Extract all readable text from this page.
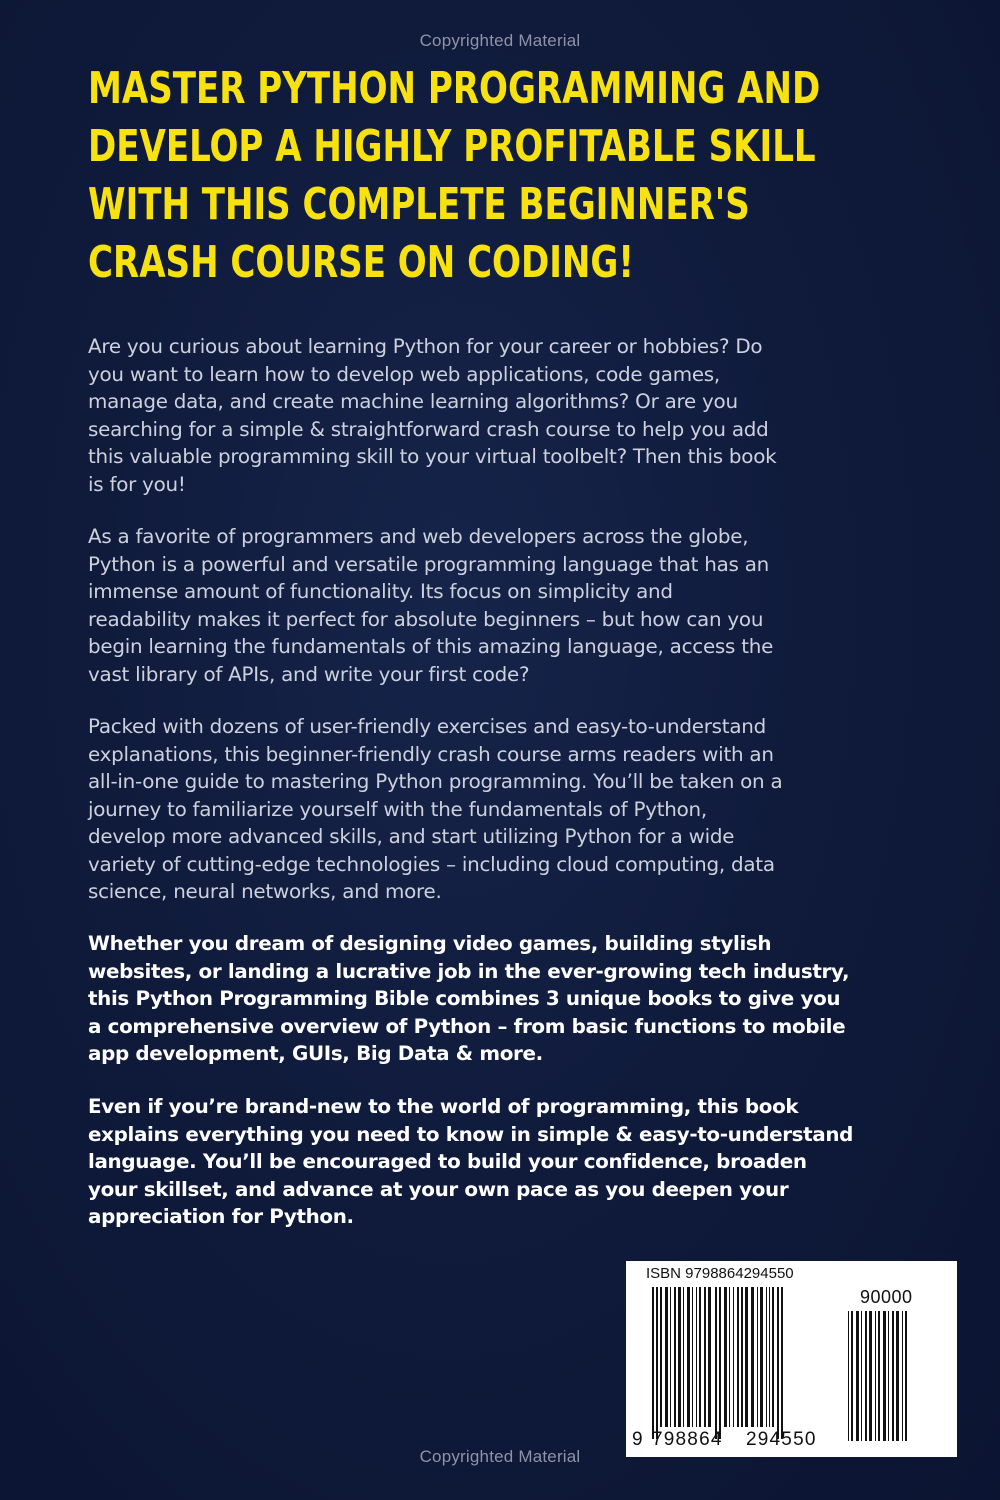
Copyrighted Material
MASTER PYTHON PROGRAMMING AND
DEVELOP A HIGHLY PROFITABLE SKILL
WITH THIS COMPLETE BEGINNER'S
CRASH COURSE ON CODING!

Are you curious about learning Python for your career or hobbies? Do
you want to learn how to develop web applications, code games,
manage data, and create machine learning algorithms? Or are you
searching for a simple & straightforward crash course to help you add
this valuable programming skill to your virtual toolbelt? Then this book
is for you!

As a favorite of programmers and web developers across the globe,
Python is a powerful and versatile programming language that has an
immense amount of functionality. Its focus on simplicity and
readability makes it perfect for absolute beginners – but how can you
begin learning the fundamentals of this amazing language, access the
vast library of APIs, and write your first code?

Packed with dozens of user-friendly exercises and easy-to-understand
explanations, this beginner-friendly crash course arms readers with an
all-in-one guide to mastering Python programming. You’ll be taken on a
journey to familiarize yourself with the fundamentals of Python,
develop more advanced skills, and start utilizing Python for a wide
variety of cutting-edge technologies – including cloud computing, data
science, neural networks, and more.

Whether you dream of designing video games, building stylish
websites, or landing a lucrative job in the ever-growing tech industry,
this Python Programming Bible combines 3 unique books to give you
a comprehensive overview of Python – from basic functions to mobile
app development, GUIs, Big Data & more.

Even if you’re brand-new to the world of programming, this book
explains everything you need to know in simple & easy-to-understand
language. You’ll be encouraged to build your confidence, broaden
your skillset, and advance at your own pace as you deepen your
appreciation for Python.

ISBN 9798864294550
90000
9 798864 294550
Copyrighted Material
